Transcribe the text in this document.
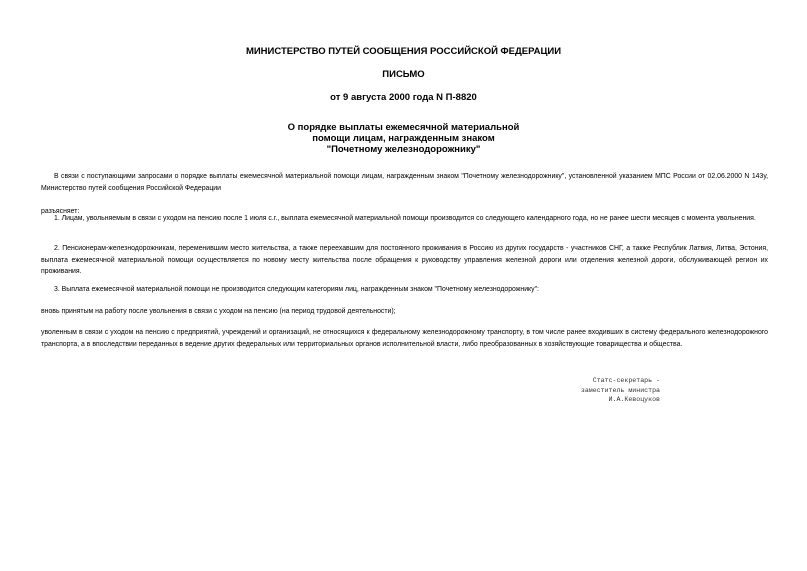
МИНИСТЕРСТВО ПУТЕЙ СООБЩЕНИЯ РОССИЙСКОЙ ФЕДЕРАЦИИ

ПИСЬМО

от 9 августа 2000 года N П-8820

О порядке выплаты ежемесячной материальной
помощи лицам, награжденным знаком
"Почетному железнодорожнику"

В связи с поступающими запросами о порядке выплаты ежемесячной материальной помощи лицам, награжденным знаком "Почетному железнодорожнику", установленной указанием МПС России от 02.06.2000 N 143у, Министерство путей сообщения Российской Федерации

разъясняет:

1. Лицам, увольняемым в связи с уходом на пенсию после 1 июля с.г., выплата ежемесячной материальной помощи производится со следующего календарного года, но не ранее шести месяцев с момента увольнения.

2. Пенсионерам-железнодорожникам, переменившим место жительства, а также переехавшим для постоянного проживания в Россию из других государств - участников СНГ, а также Республик Латвия, Литва, Эстония, выплата ежемесячной материальной помощи осуществляется по новому месту жительства после обращения к руководству управления железной дороги или отделения железной дороги, обслуживающей регион их проживания.

3. Выплата ежемесячной материальной помощи не производится следующим категориям лиц, награжденным знаком "Почетному железнодорожнику":

вновь принятым на работу после увольнения в связи с уходом на пенсию (на период трудовой деятельности);

уволенным в связи с уходом на пенсию с предприятий, учреждений и организаций, не относящихся к федеральному железнодорожному транспорту, в том числе ранее входивших в систему федерального железнодорожного транспорта, а в впоследствии переданных в ведение других федеральных или территориальных органов исполнительной власти, либо преобразованных в хозяйствующие товарищества и общества.

Статс-секретарь -
заместитель министра
И.А.Кевоцуков
